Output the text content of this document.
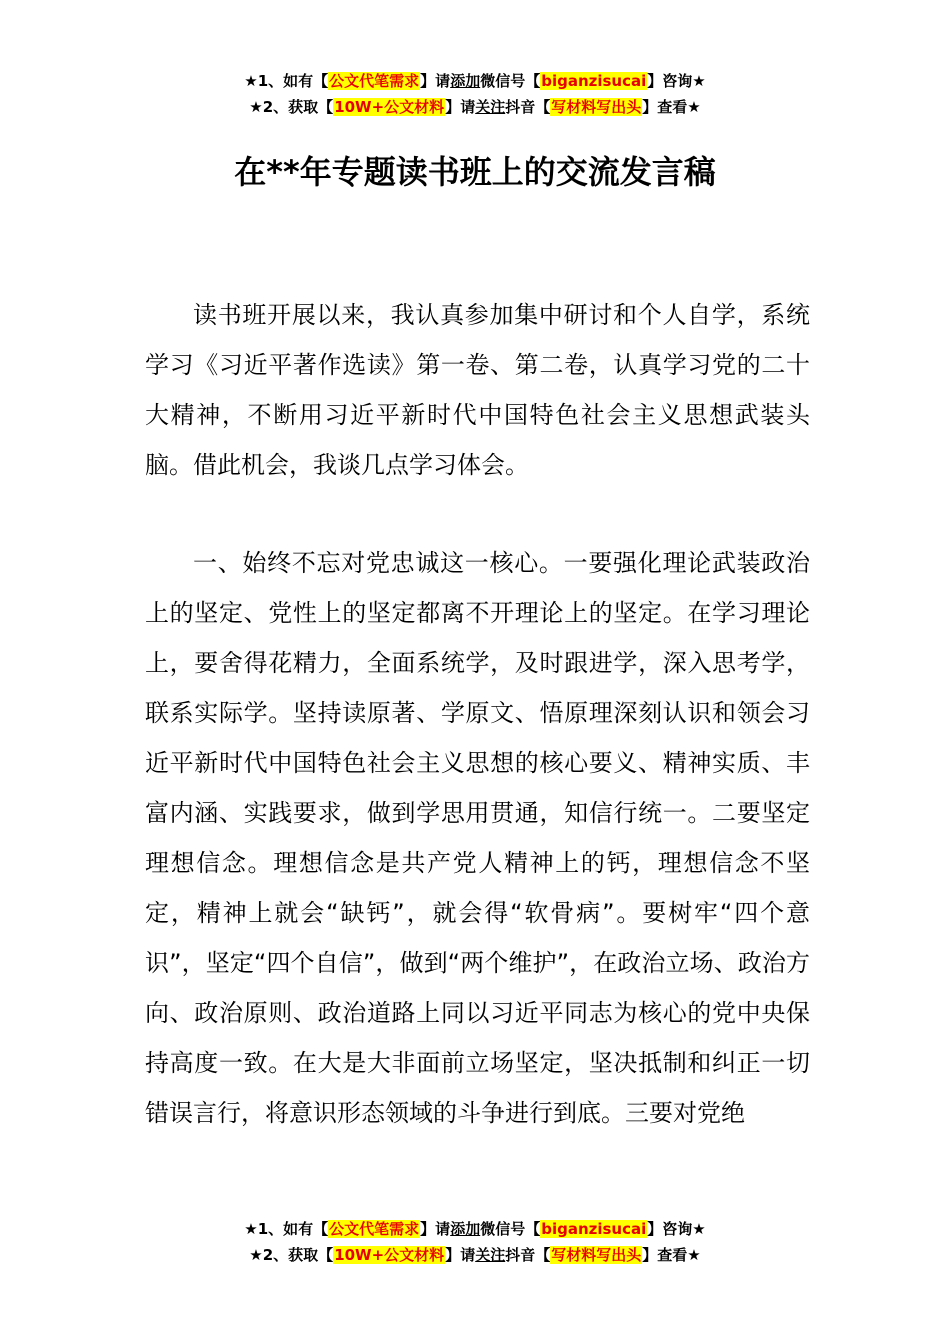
★1、如有【公文代笔需求】请添加微信号【biganzisucai】咨询★
★2、获取【10W+公文材料】请关注抖音【写材料写出头】查看★
在**年专题读书班上的交流发言稿

读书班开展以来，我认真参加集中研讨和个人自学，系统学习《习近平著作选读》第一卷、第二卷，认真学习党的二十大精神，不断用习近平新时代中国特色社会主义思想武装头脑。借此机会，我谈几点学习体会。

一、始终不忘对党忠诚这一核心。一要强化理论武装政治上的坚定、党性上的坚定都离不开理论上的坚定。在学习理论上，要舍得花精力，全面系统学，及时跟进学，深入思考学，联系实际学。坚持读原著、学原文、悟原理深刻认识和领会习近平新时代中国特色社会主义思想的核心要义、精神实质、丰富内涵、实践要求，做到学思用贯通，知信行统一。二要坚定理想信念。理想信念是共产党人精神上的钙，理想信念不坚定，精神上就会“缺钙”，就会得“软骨病”。要树牢“四个意识”，坚定“四个自信”，做到“两个维护”，在政治立场、政治方向、政治原则、政治道路上同以习近平同志为核心的党中央保持高度一致。在大是大非面前立场坚定，坚决抵制和纠正一切错误言行，将意识形态领域的斗争进行到底。三要对党绝

★1、如有【公文代笔需求】请添加微信号【biganzisucai】咨询★
★2、获取【10W+公文材料】请关注抖音【写材料写出头】查看★
